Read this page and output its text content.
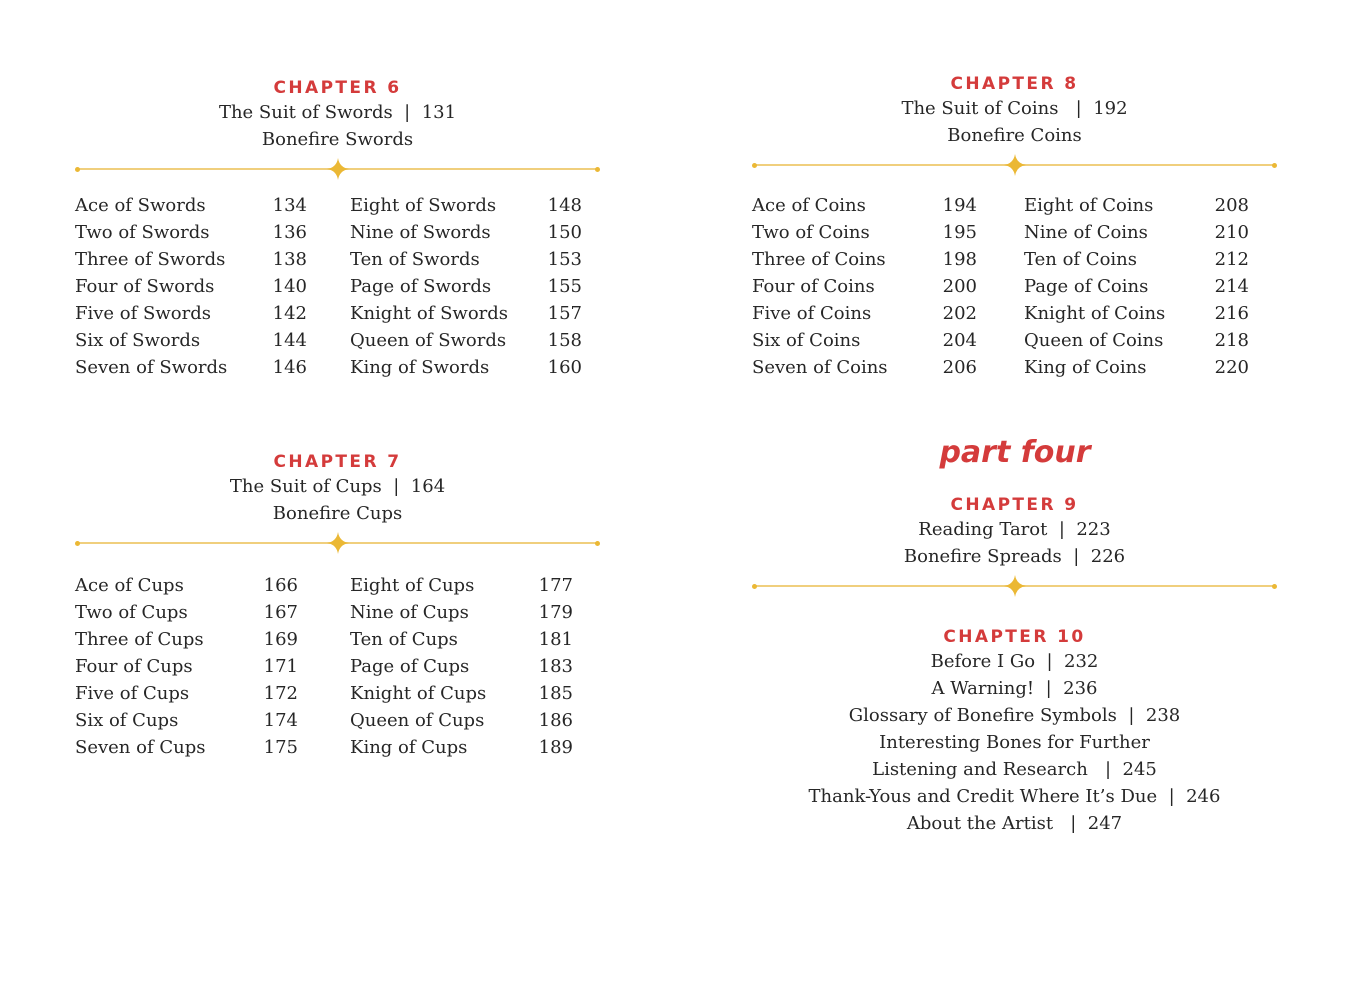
CHAPTER 6
The Suit of Swords | 131
Bonefire Swords
Ace of Swords	134
Two of Swords	136
Three of Swords	138
Four of Swords	140
Five of Swords	142
Six of Swords	144
Seven of Swords	146
Eight of Swords	148
Nine of Swords	150
Ten of Swords	153
Page of Swords	155
Knight of Swords 157
Queen of Swords 158
King of Swords	160
CHAPTER 7
The Suit of Cups | 164
Bonefire Cups
Ace of Cups	166
Two of Cups	167
Three of Cups	169
Four of Cups	171
Five of Cups	172
Six of Cups	174
Seven of Cups	175
Eight of Cups	177
Nine of Cups	179
Ten of Cups	181
Page of Cups	183
Knight of Cups	185
Queen of Cups	186
King of Cups	189
CHAPTER 8
The Suit of Coins | 192
Bonefire Coins
Ace of Coins	194
Two of Coins	195
Three of Coins	198
Four of Coins	200
Five of Coins	202
Six of Coins	204
Seven of Coins	206
Eight of Coins	208
Nine of Coins	210
Ten of Coins	212
Page of Coins	214
Knight of Coins	216
Queen of Coins	218
King of Coins	220
part four
CHAPTER 9
Reading Tarot | 223
Bonefire Spreads | 226
CHAPTER 10
Before I Go | 232
A Warning! | 236
Glossary of Bonefire Symbols | 238
Interesting Bones for Further
Listening and Research | 245
Thank-Yous and Credit Where It’s Due | 246
About the Artist | 247
